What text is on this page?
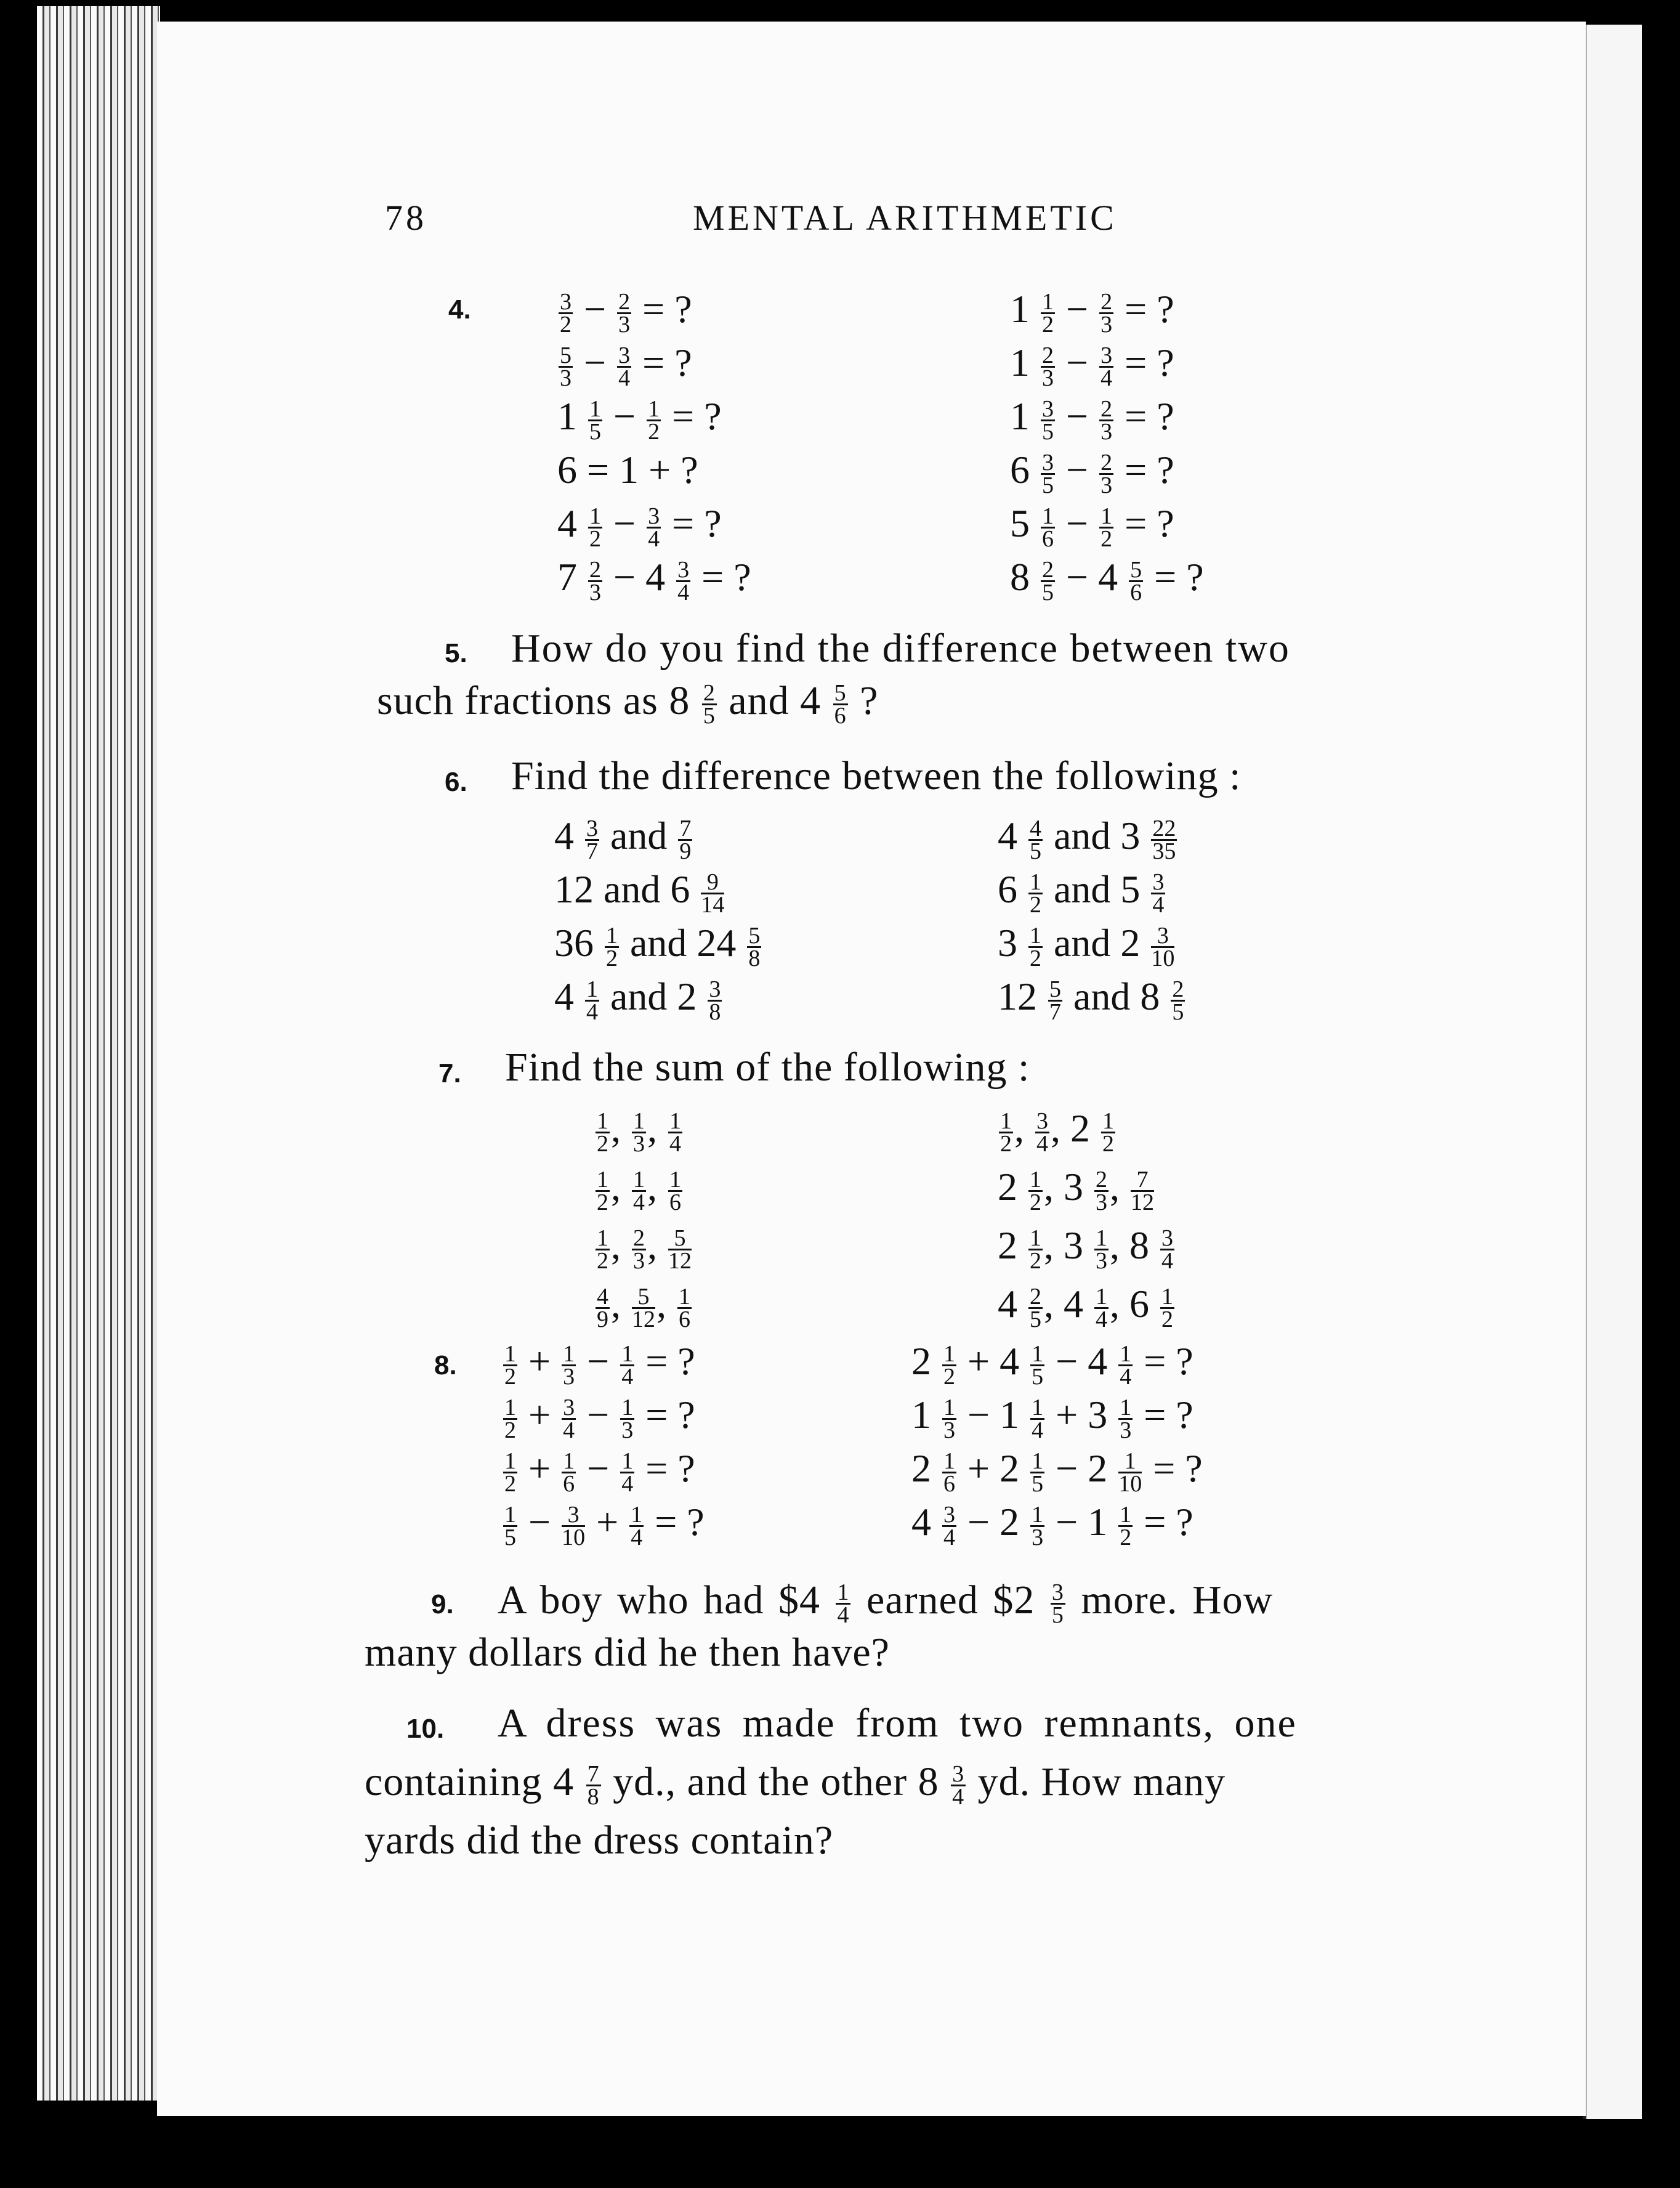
78	MENTAL ARITHMETIC
4.	$\frac{3}{2} - \frac{2}{3}$ = ?
$\frac{5}{3} - \frac{3}{4}$ = ?
$1 \frac{1}{5} - \frac{1}{2}$ = ?
6 = 1 + ?
$4 \frac{1}{2} - \frac{3}{4}$ = ?
$7 \frac{2}{3} - 4 \frac{3}{4}$ = ?
$1 \frac{1}{2} - \frac{2}{3}$ = ?
$1 \frac{2}{3} - \frac{3}{4}$ = ?
$1 \frac{3}{5} - \frac{2}{3}$ = ?
$6 \frac{3}{5} - \frac{2}{3}$ = ?
$5 \frac{1}{6} - \frac{1}{2}$ = ?
$8 \frac{2}{5} - 4 \frac{5}{6}$ = ?
5. How do you find the difference between two
such fractions as $8 \frac{2}{5}$ and $4 \frac{5}{6}$ ?
6. Find the difference between the following :
$4 \frac{3}{7}$ and $\frac{7}{9}$
12 and $6 \frac{9}{14}$
$36 \frac{1}{2}$ and $24 \frac{5}{8}$
$4 \frac{1}{4}$ and $2 \frac{3}{8}$
$4 \frac{4}{5}$ and $3 \frac{22}{35}$
$6 \frac{1}{2}$ and $5 \frac{3}{4}$
$3 \frac{1}{2}$ and $2 \frac{3}{10}$
$12 \frac{5}{7}$ and $8 \frac{2}{5}$
7. Find the sum of the following :
$\frac{1}{2}$ , $\frac{1}{3}$ , $\frac{1}{4}$
$\frac{1}{2}$ , $\frac{1}{4}$ , $\frac{1}{6}$
$\frac{1}{2}$ , $\frac{2}{3}$ , $\frac{5}{12}$
$\frac{4}{9}$ , $\frac{5}{12}$ , $\frac{1}{6}$
$\frac{1}{2}$ , $\frac{3}{4}$ , $2 \frac{1}{2}$
$2 \frac{1}{2}$ , $3 \frac{2}{3}$ , $\frac{7}{12}$
$2 \frac{1}{2}$ , $3 \frac{1}{3}$ , $8 \frac{3}{4}$
$4 \frac{2}{5}$ , $4 \frac{1}{4}$ , $6 \frac{1}{2}$
8. $\frac{1}{2} + \frac{1}{3} - \frac{1}{4}$ = ?
$\frac{1}{2} + \frac{3}{4} - \frac{1}{3}$ = ?
$\frac{1}{2} + \frac{1}{6} - \frac{1}{4}$ = ?
$\frac{1}{5} - \frac{3}{10} + \frac{1}{4}$ = ?
$2 \frac{1}{2} + 4 \frac{1}{5} - 4 \frac{1}{4}$ = ?
$1 \frac{1}{3} - 1 \frac{1}{4} + 3 \frac{1}{3}$ = ?
$2 \frac{1}{6} + 2 \frac{1}{5} - 2 \frac{1}{10}$ = ?
$4 \frac{3}{4} - 2 \frac{1}{3} - 1 \frac{1}{2}$ = ?
9. A boy who had $4 $\frac{1}{4}$ earned $2 $\frac{3}{5}$ more. How
many dollars did he then have?
10. A dress was made from two remnants, one
containing $4 \frac{7}{8}$ yd., and the other $8 \frac{3}{4}$ yd. How many
yards did the dress contain?
